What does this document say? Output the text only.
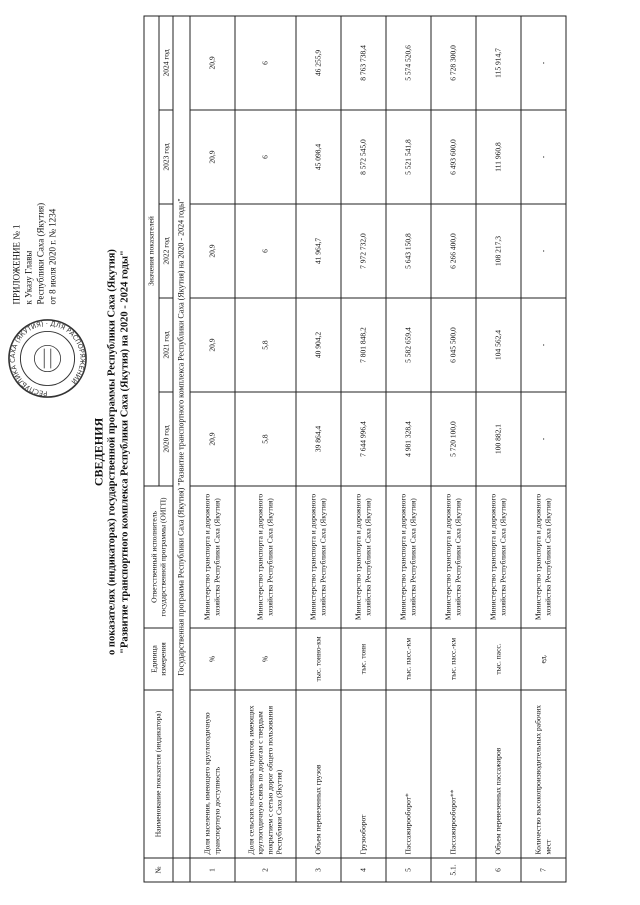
ПРИЛОЖЕНИЕ № 1 к Указу Главы Республики Саха (Якутия) от 8 июля 2020 г. № 1234
РЕСПУБЛИКА САХА (ЯКУТИЯ) · ДЛЯ РАСПОРЯЖЕНИЙ
СВЕДЕНИЯ о показателях (индикаторах) государственной программы Республики Саха (Якутия) "Развитие транспортного комплекса Республики Саха (Якутия) на 2020 - 2024 годы"
№	Наименование показателя (индикатора)	Единица измерения	Ответственный исполнитель государственной программы (ОИГП)	Значения показателей				
				2020 год	2021 год	2022 год	2023 год	2024 год
	Государственная программа Республики Саха (Якутия) "Развитие транспортного комплекса Республики Саха (Якутия) на 2020 - 2024 годы"							
1	Доля населения, имеющего круглогодичную транспортную доступность	%	Министерство транспорта и дорожного хозяйства Республики Саха (Якутия)	20,9	20,9	20,9	20,9	20,9
2	Доля сельских населенных пунктов, имеющих круглогодичную связь по дорогам с твердым покрытием с сетью дорог общего пользования Республики Саха (Якутия)	%	Министерство транспорта и дорожного хозяйства Республики Саха (Якутия)	5,8	5,8	6	6	6
3	Объем перевезенных грузов	тыс. тонно-км	Министерство транспорта и дорожного хозяйства Республики Саха (Якутия)	39 864,4	40 904,2	41 964,7	45 098,4	46 255,9
4	Грузооборот	тыс. тонн	Министерство транспорта и дорожного хозяйства Республики Саха (Якутия)	7 644 996,4	7 801 848,2	7 972 732,0	8 572 545,0	8 763 738,4
5	Пассажирооборот*	тыс. пасс.-км	Министерство транспорта и дорожного хозяйства Республики Саха (Якутия)	4 981 328,4	5 582 659,4	5 643 150,8	5 521 541,8	5 574 520,6
5.1.	Пассажирооборот**	тыс. пасс.-км	Министерство транспорта и дорожного хозяйства Республики Саха (Якутия)	5 720 100,0	6 045 500,0	6 266 400,0	6 493 600,0	6 728 300,0
6	Объем перевезенных пассажиров	тыс. пасс.	Министерство транспорта и дорожного хозяйства Республики Саха (Якутия)	100 882,1	104 562,4	108 217,3	111 960,8	115 914,7
7	Количество высокопроизводительных рабочих мест	ед.	Министерство транспорта и дорожного хозяйства Республики Саха (Якутия)	-	-	-	-	-
